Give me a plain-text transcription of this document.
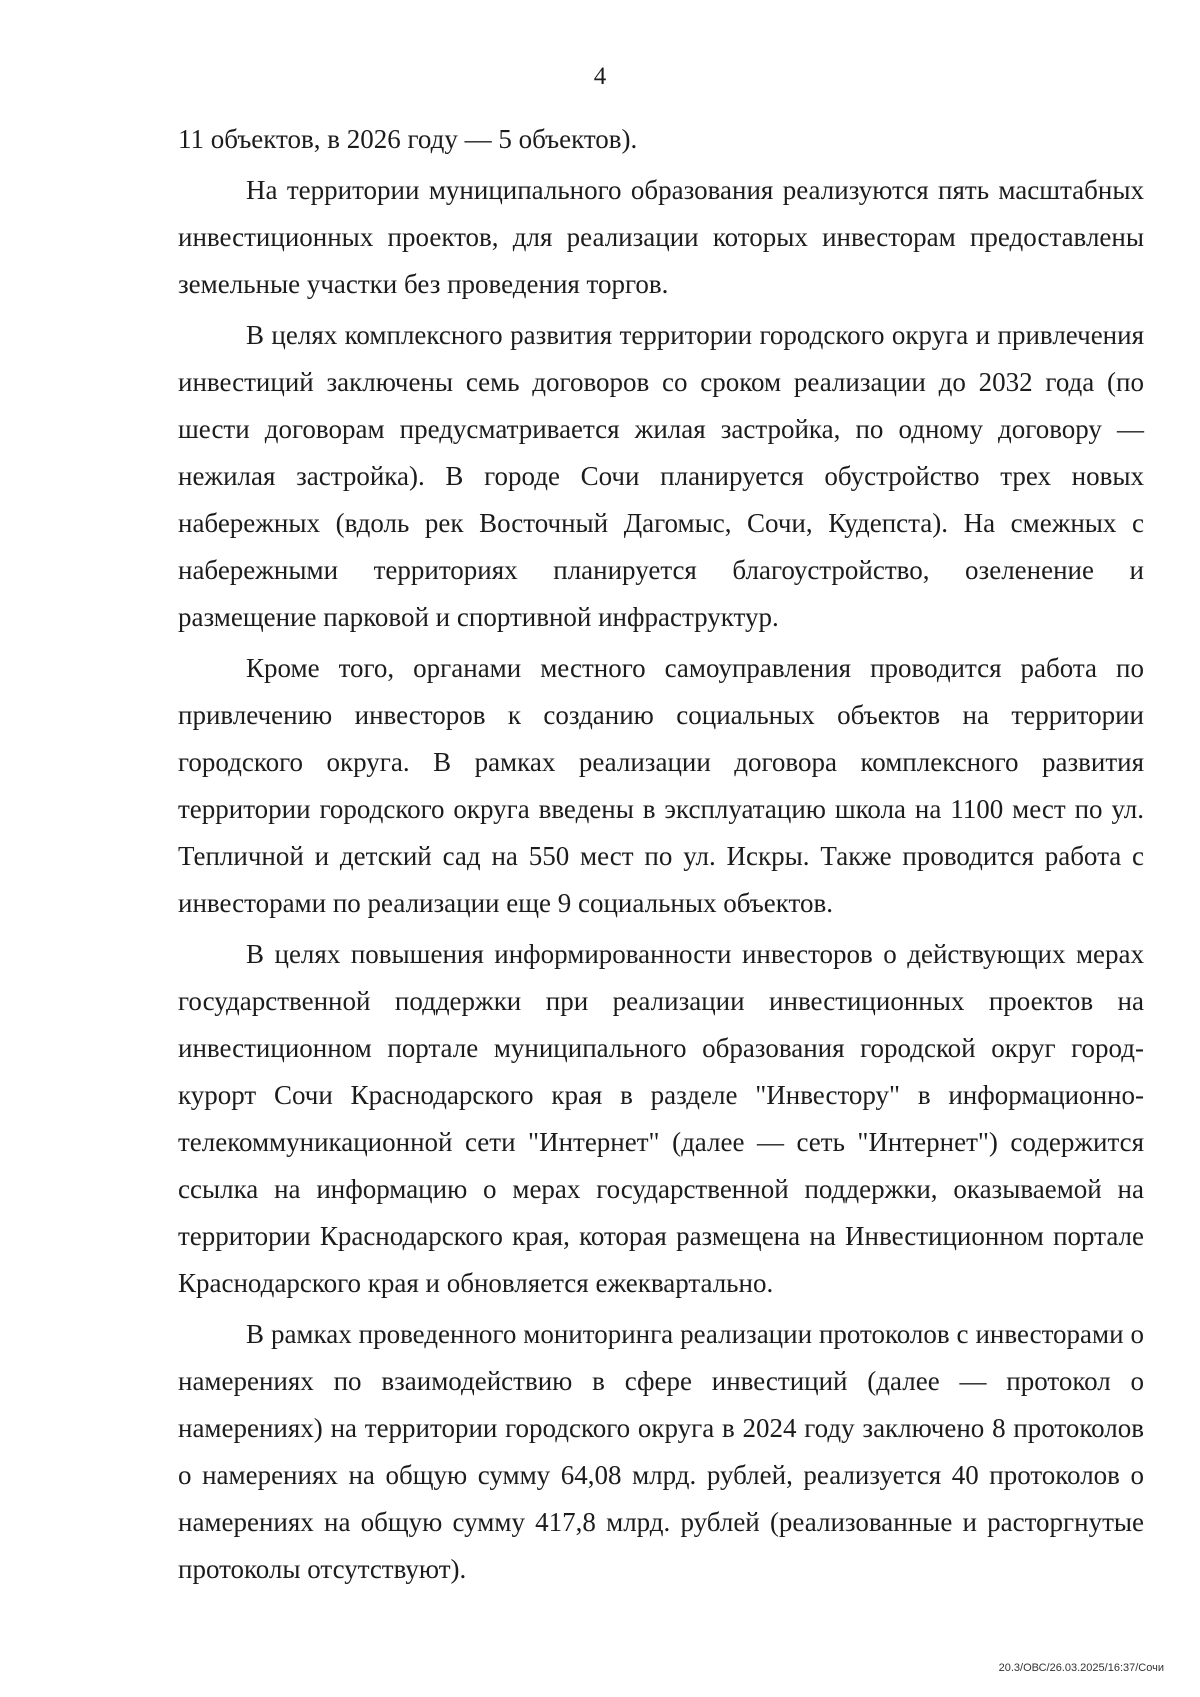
4

11 объектов, в 2026 году — 5 объектов).

На территории муниципального образования реализуются пять масштабных инвестиционных проектов, для реализации которых инвесторам предоставлены земельные участки без проведения торгов.

В целях комплексного развития территории городского округа и привлечения инвестиций заключены семь договоров со сроком реализации до 2032 года (по шести договорам предусматривается жилая застройка, по одному договору — нежилая застройка). В городе Сочи планируется обустройство трех новых набережных (вдоль рек Восточный Дагомыс, Сочи, Кудепста). На смежных с набережными территориях планируется благоустройство, озеленение и размещение парковой и спортивной инфраструктур.

Кроме того, органами местного самоуправления проводится работа по привлечению инвесторов к созданию социальных объектов на территории городского округа. В рамках реализации договора комплексного развития территории городского округа введены в эксплуатацию школа на 1100 мест по ул. Тепличной и детский сад на 550 мест по ул. Искры. Также проводится работа с инвесторами по реализации еще 9 социальных объектов.

В целях повышения информированности инвесторов о действующих мерах государственной поддержки при реализации инвестиционных проектов на инвестиционном портале муниципального образования городской округ город-курорт Сочи Краснодарского края в разделе "Инвестору" в информационно-телекоммуникационной сети "Интернет" (далее — сеть "Интернет") содержится ссылка на информацию о мерах государственной поддержки, оказываемой на территории Краснодарского края, которая размещена на Инвестиционном портале Краснодарского края и обновляется ежеквартально.

В рамках проведенного мониторинга реализации протоколов с инвесторами о намерениях по взаимодействию в сфере инвестиций (далее — протокол о намерениях) на территории городского округа в 2024 году заключено 8 протоколов о намерениях на общую сумму 64,08 млрд. рублей, реализуется 40 протоколов о намерениях на общую сумму 417,8 млрд. рублей (реализованные и расторгнутые протоколы отсутствуют).

20.3/ОВС/26.03.2025/16:37/Сочи
